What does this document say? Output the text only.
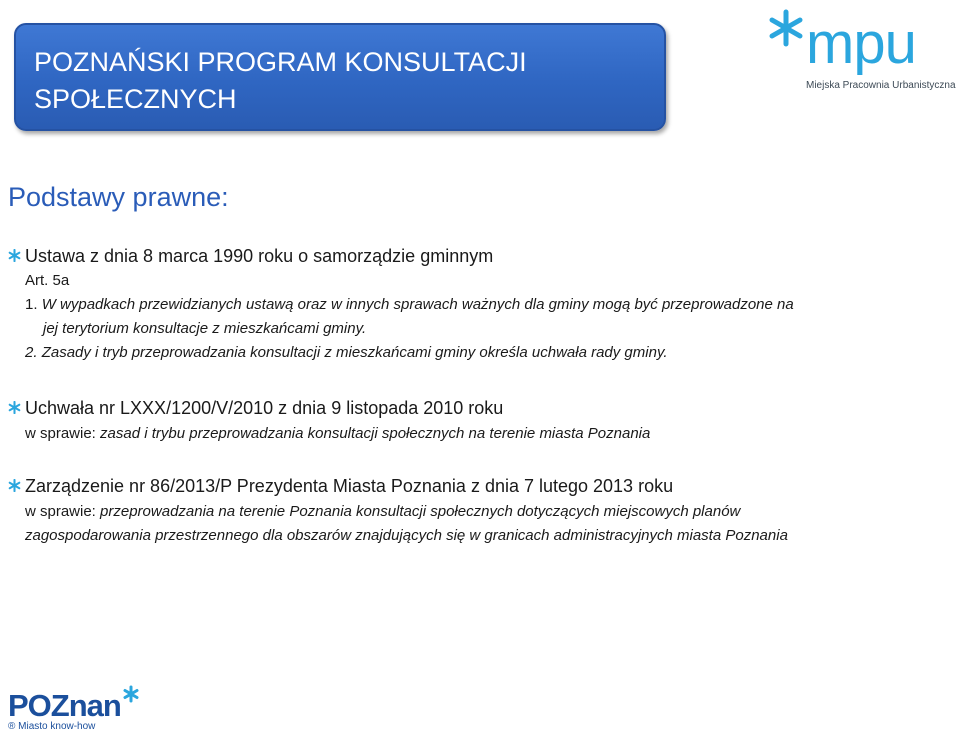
POZNAŃSKI PROGRAM KONSULTACJI
SPOŁECZNYCH
mpu
Miejska Pracownia Urbanistyczna
Podstawy prawne:
Ustawa z dnia 8 marca 1990 roku o samorządzie gminnym
Art. 5a
1. W wypadkach przewidzianych ustawą oraz w innych sprawach ważnych dla gminy mogą być przeprowadzone na
jej terytorium konsultacje z mieszkańcami gminy.
2. Zasady i tryb przeprowadzania konsultacji z mieszkańcami gminy określa uchwała rady gminy.
Uchwała nr LXXX/1200/V/2010 z dnia 9 listopada 2010 roku
w sprawie: zasad i trybu przeprowadzania konsultacji społecznych na terenie miasta Poznania
Zarządzenie nr 86/2013/P Prezydenta Miasta Poznania z dnia 7 lutego 2013 roku
w sprawie: przeprowadzania na terenie Poznania konsultacji społecznych dotyczących miejscowych planów
zagospodarowania przestrzennego dla obszarów znajdujących się w granicach administracyjnych miasta Poznania
POZnan
® Miasto know-how
